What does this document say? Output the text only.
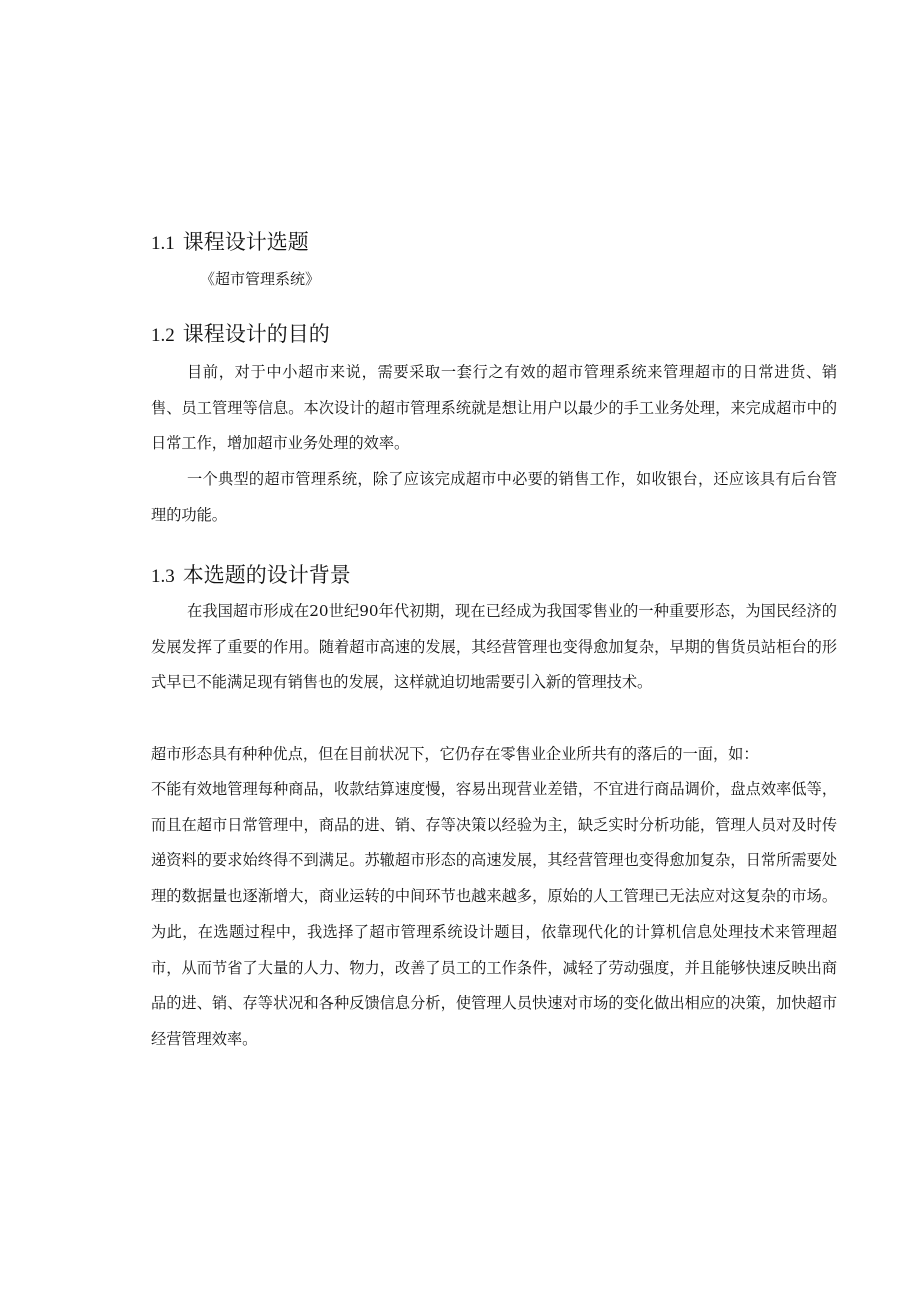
1.1 课程设计选题

《超市管理系统》

1.2 课程设计的目的

目前，对于中小超市来说，需要采取一套行之有效的超市管理系统来管理超市的日常进货、销售、员工管理等信息。本次设计的超市管理系统就是想让用户以最少的手工业务处理，来完成超市中的日常工作，增加超市业务处理的效率。

一个典型的超市管理系统，除了应该完成超市中必要的销售工作，如收银台，还应该具有后台管理的功能。

1.3 本选题的设计背景

在我国超市形成在20世纪90年代初期，现在已经成为我国零售业的一种重要形态，为国民经济的发展发挥了重要的作用。随着超市高速的发展，其经营管理也变得愈加复杂，早期的售货员站柜台的形式早已不能满足现有销售也的发展，这样就迫切地需要引入新的管理技术。

超市形态具有种种优点，但在目前状况下，它仍存在零售业企业所共有的落后的一面，如：

不能有效地管理每种商品，收款结算速度慢，容易出现营业差错，不宜进行商品调价，盘点效率低等，而且在超市日常管理中，商品的进、销、存等决策以经验为主，缺乏实时分析功能，管理人员对及时传递资料的要求始终得不到满足。苏辙超市形态的高速发展，其经营管理也变得愈加复杂，日常所需要处理的数据量也逐渐增大，商业运转的中间环节也越来越多，原始的人工管理已无法应对这复杂的市场。为此，在选题过程中，我选择了超市管理系统设计题目，依靠现代化的计算机信息处理技术来管理超市，从而节省了大量的人力、物力，改善了员工的工作条件，减轻了劳动强度，并且能够快速反映出商品的进、销、存等状况和各种反馈信息分析，使管理人员快速对市场的变化做出相应的决策，加快超市经营管理效率。
